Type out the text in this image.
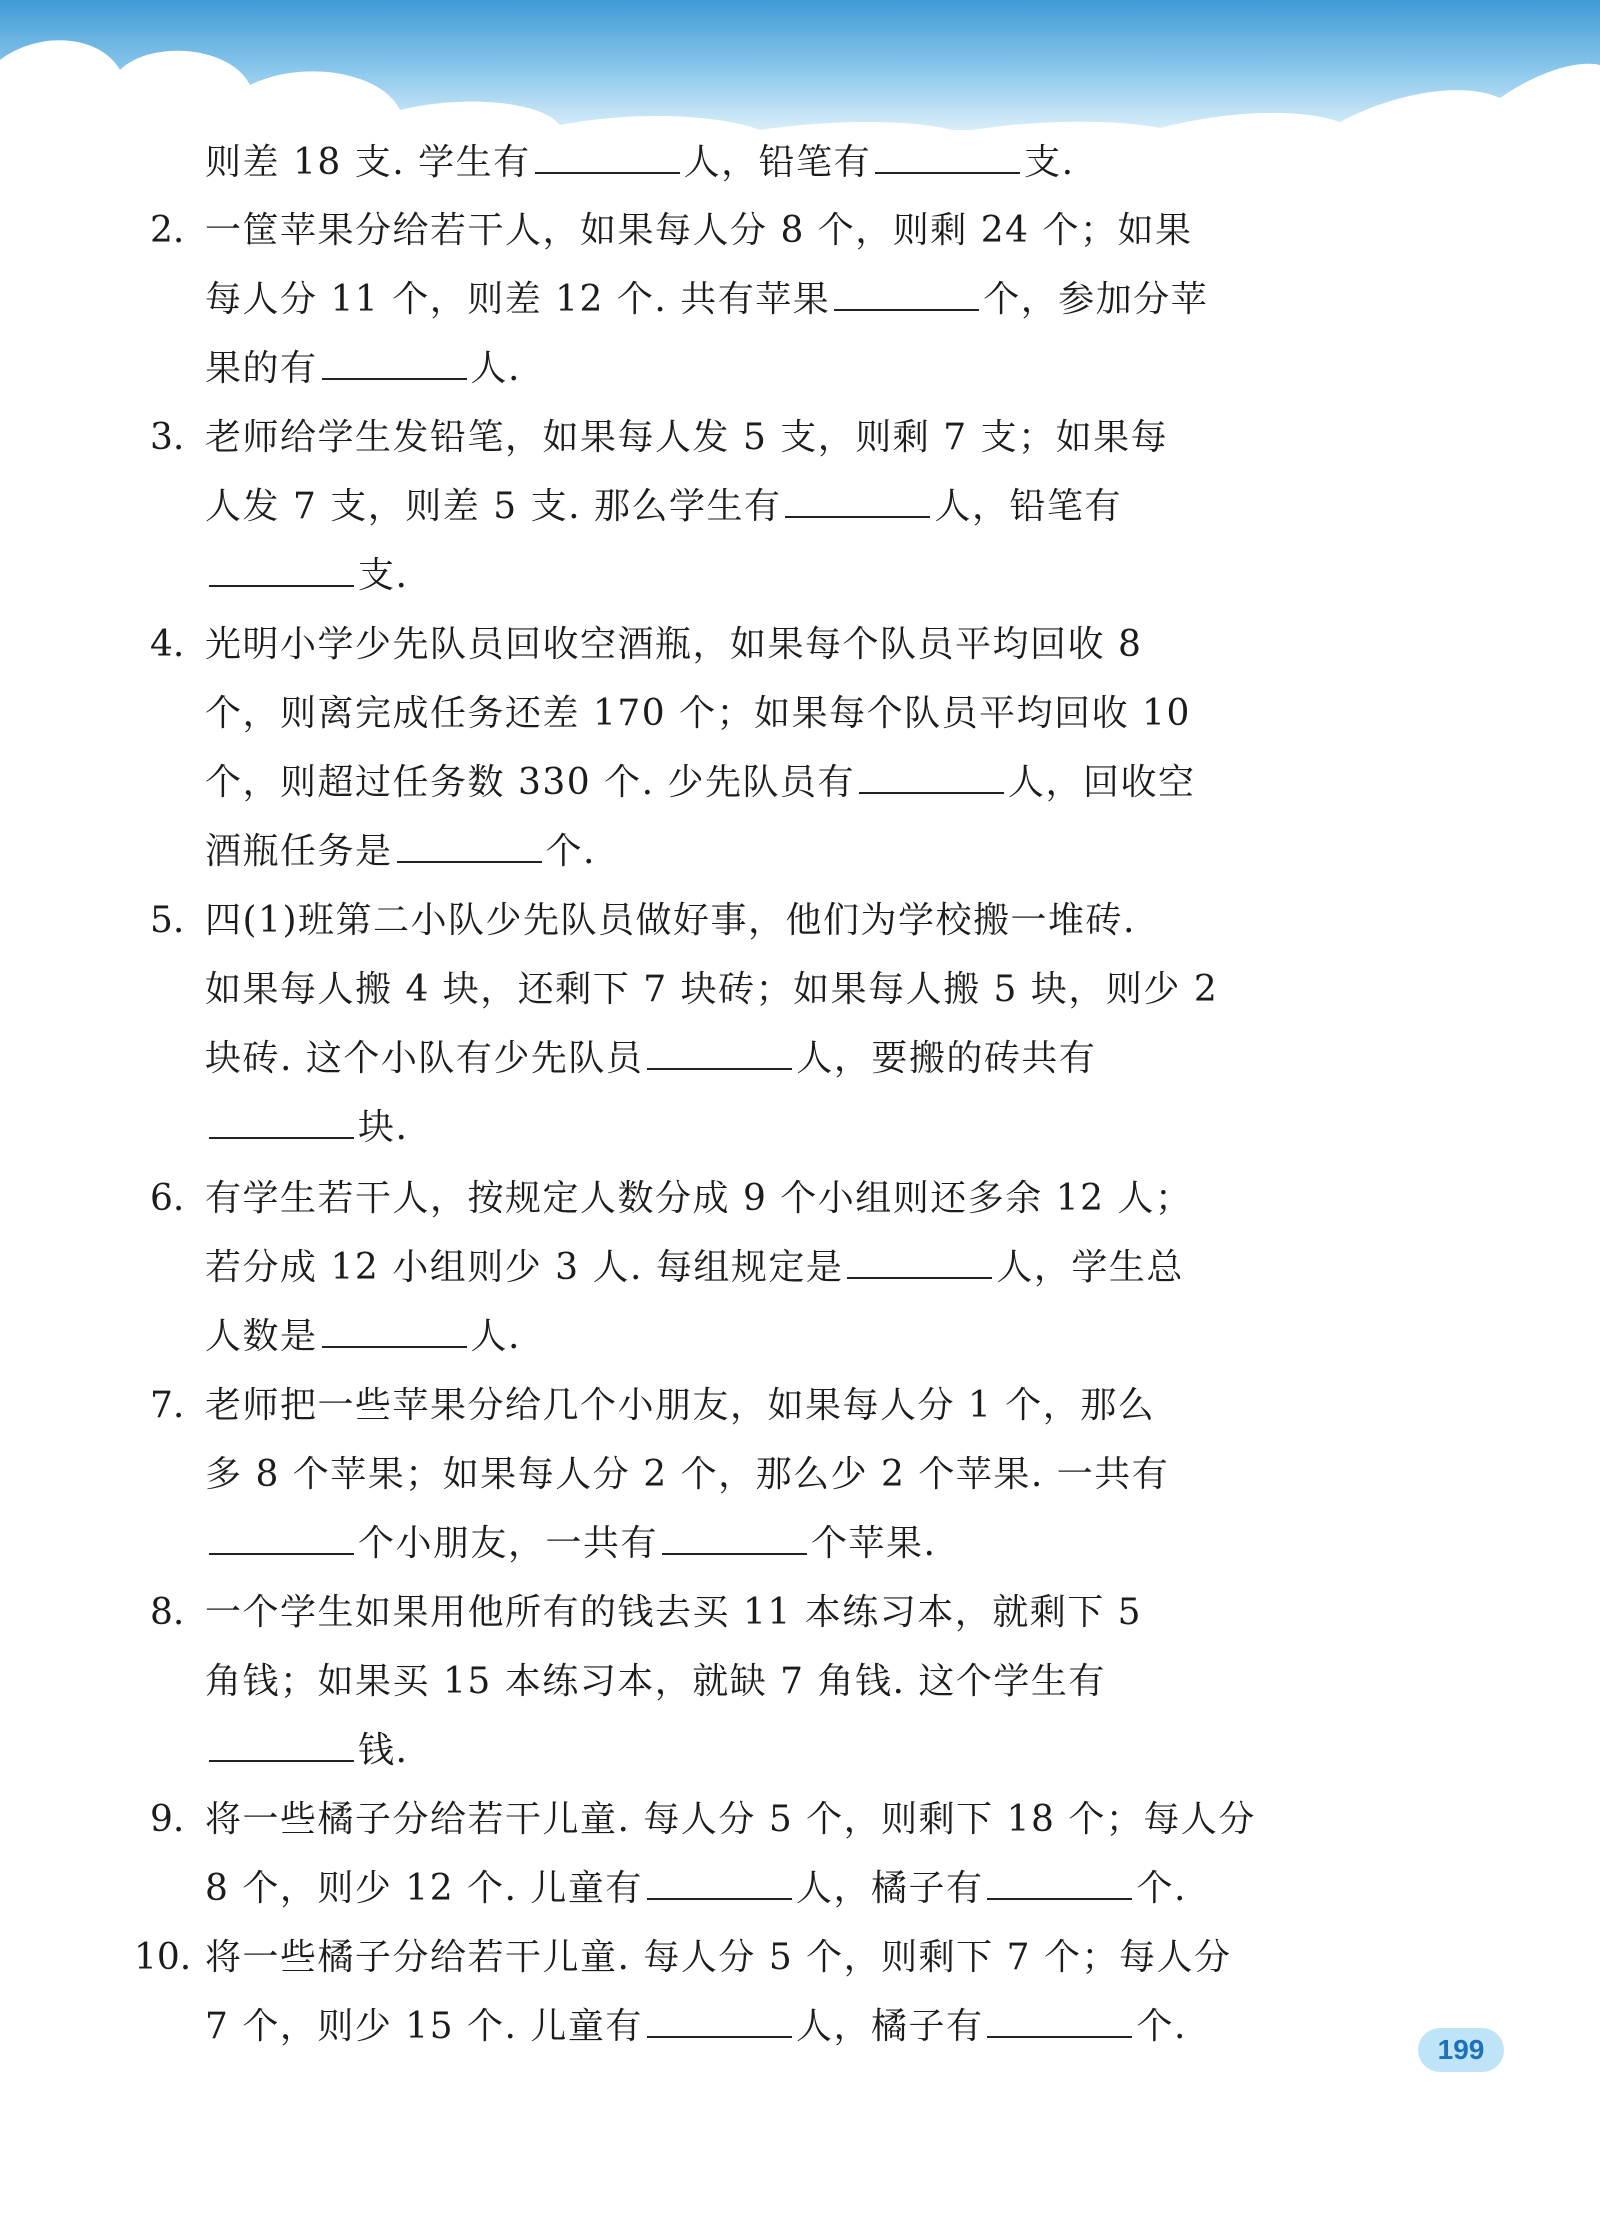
则差 18 支. 学生有	人，铅笔有	支.
2. 一筐苹果分给若干人，如果每人分 8 个，则剩 24 个；如果
每人分 11 个，则差 12 个. 共有苹果	个，参加分苹
果的有	人.
3. 老师给学生发铅笔，如果每人发 5 支，则剩 7 支；如果每
人发 7 支，则差 5 支. 那么学生有	人，铅笔有
支.
4. 光明小学少先队员回收空酒瓶，如果每个队员平均回收 8
个，则离完成任务还差 170 个；如果每个队员平均回收 10
个，则超过任务数 330 个. 少先队员有	人，回收空
酒瓶任务是	个.
5. 四(1)班第二小队少先队员做好事，他们为学校搬一堆砖.
如果每人搬 4 块，还剩下 7 块砖；如果每人搬 5 块，则少 2
块砖. 这个小队有少先队员	人，要搬的砖共有
块.
6. 有学生若干人，按规定人数分成 9 个小组则还多余 12 人；
若分成 12 小组则少 3 人. 每组规定是	人，学生总
人数是	人.
7. 老师把一些苹果分给几个小朋友，如果每人分 1 个，那么
多 8 个苹果；如果每人分 2 个，那么少 2 个苹果. 一共有
个小朋友，一共有	个苹果.
8. 一个学生如果用他所有的钱去买 11 本练习本，就剩下 5
角钱；如果买 15 本练习本，就缺 7 角钱. 这个学生有
钱.
9. 将一些橘子分给若干儿童. 每人分 5 个，则剩下 18 个；每人分
8 个，则少 12 个. 儿童有	人，橘子有	个.
10. 将一些橘子分给若干儿童. 每人分 5 个，则剩下 7 个；每人分
7 个，则少 15 个. 儿童有	人，橘子有	个.
199
